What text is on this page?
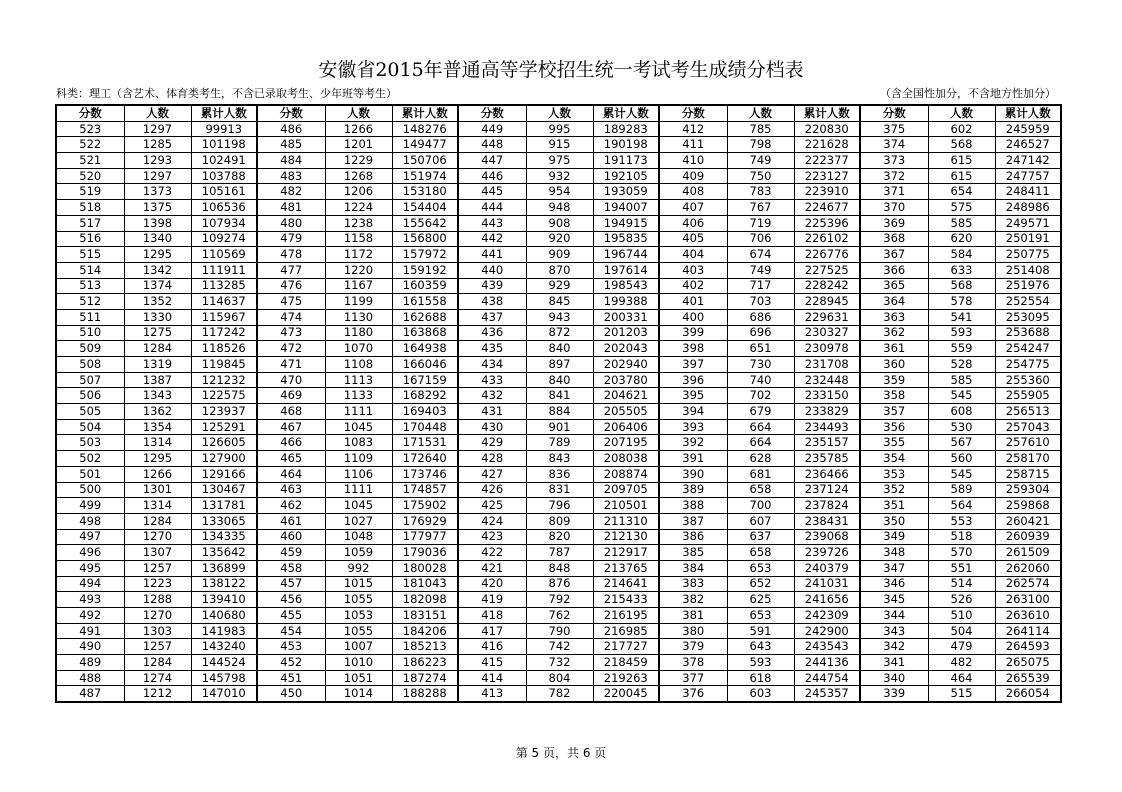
安徽省2015年普通高等学校招生统一考试考生成绩分档表
科类：理工（含艺术、体育类考生，不含已录取考生、少年班等考生）	（含全国性加分，不含地方性加分）
分数	人数	累计人数	分数	人数	累计人数	分数	人数	累计人数	分数	人数	累计人数	分数	人数	累计人数
523	1297	99913	486	1266	148276	449	995	189283	412	785	220830	375	602	245959
522	1285	101198	485	1201	149477	448	915	190198	411	798	221628	374	568	246527
521	1293	102491	484	1229	150706	447	975	191173	410	749	222377	373	615	247142
520	1297	103788	483	1268	151974	446	932	192105	409	750	223127	372	615	247757
519	1373	105161	482	1206	153180	445	954	193059	408	783	223910	371	654	248411
518	1375	106536	481	1224	154404	444	948	194007	407	767	224677	370	575	248986
517	1398	107934	480	1238	155642	443	908	194915	406	719	225396	369	585	249571
516	1340	109274	479	1158	156800	442	920	195835	405	706	226102	368	620	250191
515	1295	110569	478	1172	157972	441	909	196744	404	674	226776	367	584	250775
514	1342	111911	477	1220	159192	440	870	197614	403	749	227525	366	633	251408
513	1374	113285	476	1167	160359	439	929	198543	402	717	228242	365	568	251976
512	1352	114637	475	1199	161558	438	845	199388	401	703	228945	364	578	252554
511	1330	115967	474	1130	162688	437	943	200331	400	686	229631	363	541	253095
510	1275	117242	473	1180	163868	436	872	201203	399	696	230327	362	593	253688
509	1284	118526	472	1070	164938	435	840	202043	398	651	230978	361	559	254247
508	1319	119845	471	1108	166046	434	897	202940	397	730	231708	360	528	254775
507	1387	121232	470	1113	167159	433	840	203780	396	740	232448	359	585	255360
506	1343	122575	469	1133	168292	432	841	204621	395	702	233150	358	545	255905
505	1362	123937	468	1111	169403	431	884	205505	394	679	233829	357	608	256513
504	1354	125291	467	1045	170448	430	901	206406	393	664	234493	356	530	257043
503	1314	126605	466	1083	171531	429	789	207195	392	664	235157	355	567	257610
502	1295	127900	465	1109	172640	428	843	208038	391	628	235785	354	560	258170
501	1266	129166	464	1106	173746	427	836	208874	390	681	236466	353	545	258715
500	1301	130467	463	1111	174857	426	831	209705	389	658	237124	352	589	259304
499	1314	131781	462	1045	175902	425	796	210501	388	700	237824	351	564	259868
498	1284	133065	461	1027	176929	424	809	211310	387	607	238431	350	553	260421
497	1270	134335	460	1048	177977	423	820	212130	386	637	239068	349	518	260939
496	1307	135642	459	1059	179036	422	787	212917	385	658	239726	348	570	261509
495	1257	136899	458	992	180028	421	848	213765	384	653	240379	347	551	262060
494	1223	138122	457	1015	181043	420	876	214641	383	652	241031	346	514	262574
493	1288	139410	456	1055	182098	419	792	215433	382	625	241656	345	526	263100
492	1270	140680	455	1053	183151	418	762	216195	381	653	242309	344	510	263610
491	1303	141983	454	1055	184206	417	790	216985	380	591	242900	343	504	264114
490	1257	143240	453	1007	185213	416	742	217727	379	643	243543	342	479	264593
489	1284	144524	452	1010	186223	415	732	218459	378	593	244136	341	482	265075
488	1274	145798	451	1051	187274	414	804	219263	377	618	244754	340	464	265539
487	1212	147010	450	1014	188288	413	782	220045	376	603	245357	339	515	266054
第 5 页，共 6 页
